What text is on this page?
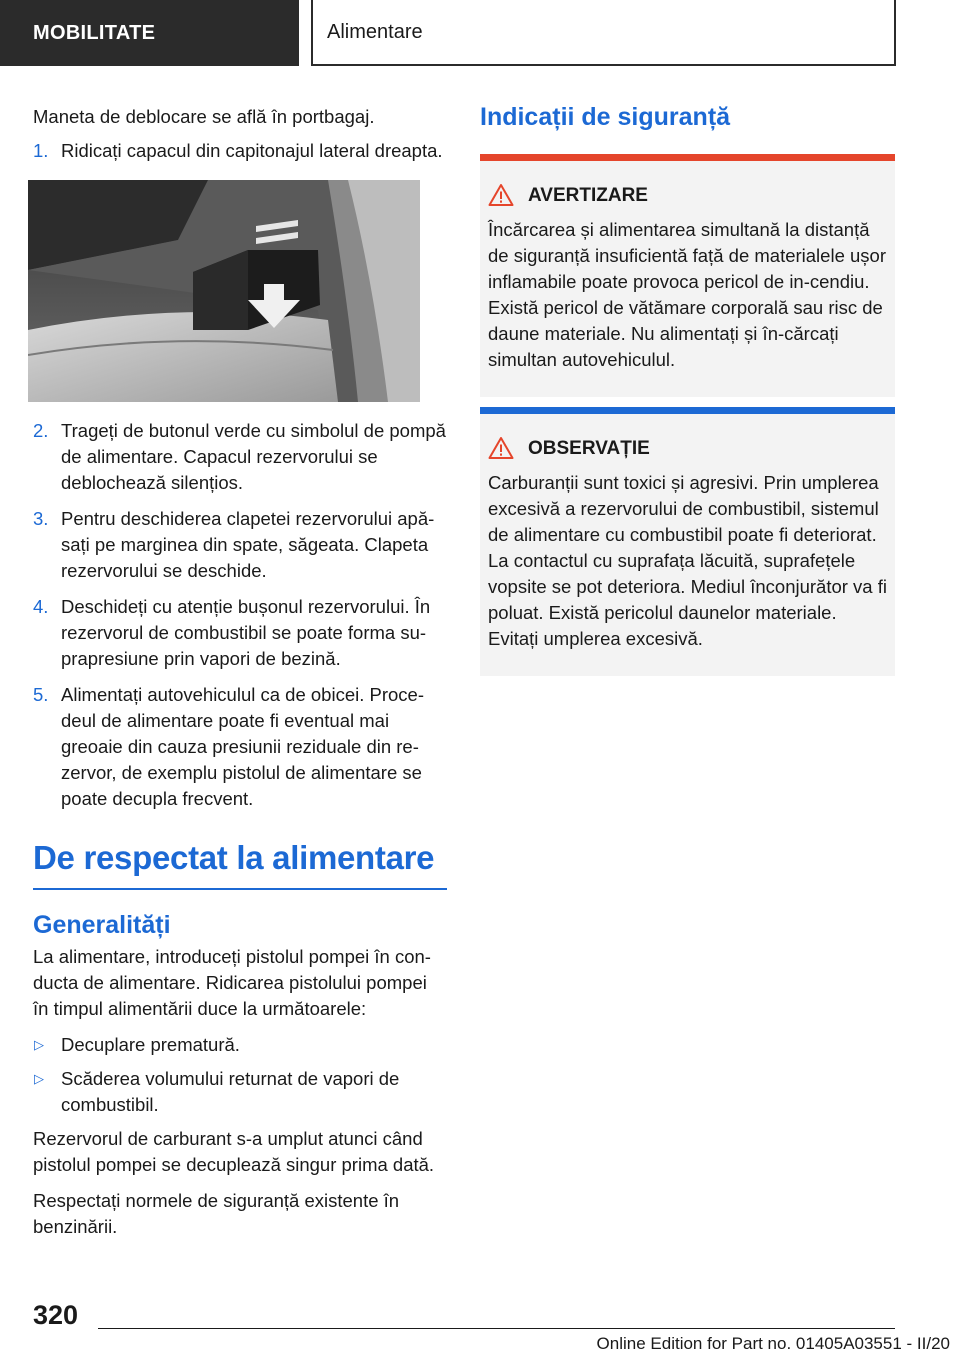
MOBILITATE	Alimentare

Maneta de deblocare se află în portbagaj.

1. Ridicați capacul din capitonajul lateral dreapta.
2. Trageți de butonul verde cu simbolul de pompă de alimentare. Capacul rezervorului se deblochează silențios.
3. Pentru deschiderea clapetei rezervorului apă-sați pe marginea din spate, săgeata. Clapeta rezervorului se deschide.
4. Deschideți cu atenție bușonul rezervorului. În rezervorul de combustibil se poate forma su-prapresiune prin vapori de bezină.
5. Alimentați autovehiculul ca de obicei. Proce-deul de alimentare poate fi eventual mai greoaie din cauza presiunii reziduale din re-zervor, de exemplu pistolul de alimentare se poate decupla frecvent.
De respectat la alimentare
Generalități

La alimentare, introduceți pistolul pompei în con-ducta de alimentare. Ridicarea pistolului pompei în timpul alimentării duce la următoarele:

▷ Decuplare prematură.
▷ Scăderea volumului returnat de vapori de combustibil.

Rezervorul de carburant s-a umplut atunci când pistolul pompei se decuplează singur prima dată.

Respectați normele de siguranță existente în benzinării.

Indicații de siguranță
AVERTIZARE
Încărcarea și alimentarea simultană la distanță de siguranță insuficientă față de materialele ușor inflamabile poate provoca pericol de in-cendiu. Există pericol de vătămare corporală sau risc de daune materiale. Nu alimentați și în-cărcați simultan autovehiculul.
OBSERVAȚIE
Carburanții sunt toxici și agresivi. Prin umplerea excesivă a rezervorului de combustibil, sistemul de alimentare cu combustibil poate fi deteriorat. La contactul cu suprafața lăcuită, suprafețele vopsite se pot deteriora. Mediul înconjurător va fi poluat. Există pericolul daunelor materiale. Evitați umplerea excesivă.
320
Online Edition for Part no. 01405A03551 - II/20
